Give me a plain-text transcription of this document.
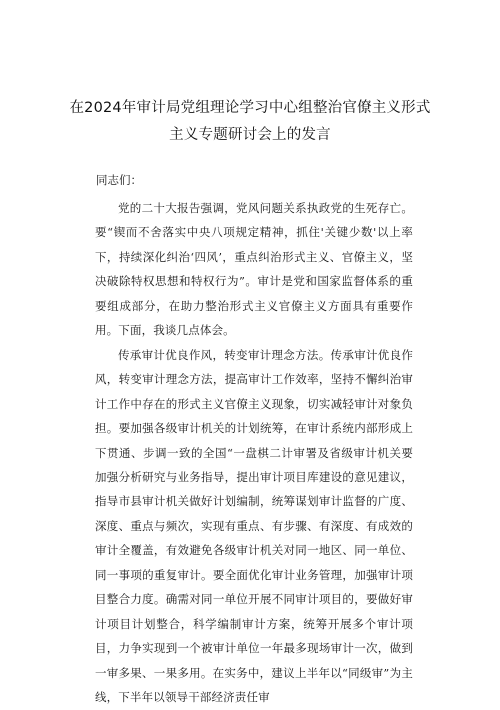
在2024年审计局党组理论学习中心组整治官僚主义形式
主义专题研讨会上的发言
同志们：

党的二十大报告强调，党风问题关系执政党的生死存亡。要“锲而不舍落实中央八项规定精神，抓住'关键少数'以上率下，持续深化纠治‘四风’，重点纠治形式主义、官僚主义，坚决破除特权思想和特权行为”。审计是党和国家监督体系的重要组成部分，在助力整治形式主义官僚主义方面具有重要作用。下面，我谈几点体会。

传承审计优良作风，转变审计理念方法。传承审计优良作风，转变审计理念方法，提高审计工作效率，坚持不懈纠治审计工作中存在的形式主义官僚主义现象，切实减轻审计对象负担。要加强各级审计机关的计划统筹，在审计系统内部形成上下贯通、步调一致的全国“一盘棋二计审署及省级审计机关要加强分析研究与业务指导，提出审计项目库建设的意见建议，指导市县审计机关做好计划编制，统筹谋划审计监督的广度、深度、重点与频次，实现有重点、有步骤、有深度、有成效的审计全覆盖，有效避免各级审计机关对同一地区、同一单位、同一事项的重复审计。要全面优化审计业务管理，加强审计项目整合力度。确需对同一单位开展不同审计项目的，要做好审计项目计划整合，科学编制审计方案，统筹开展多个审计项目，力争实现到一个被审计单位一年最多现场审计一次，做到一审多果、一果多用。在实务中，建议上半年以“同级审”为主线，下半年以领导干部经济责任审
